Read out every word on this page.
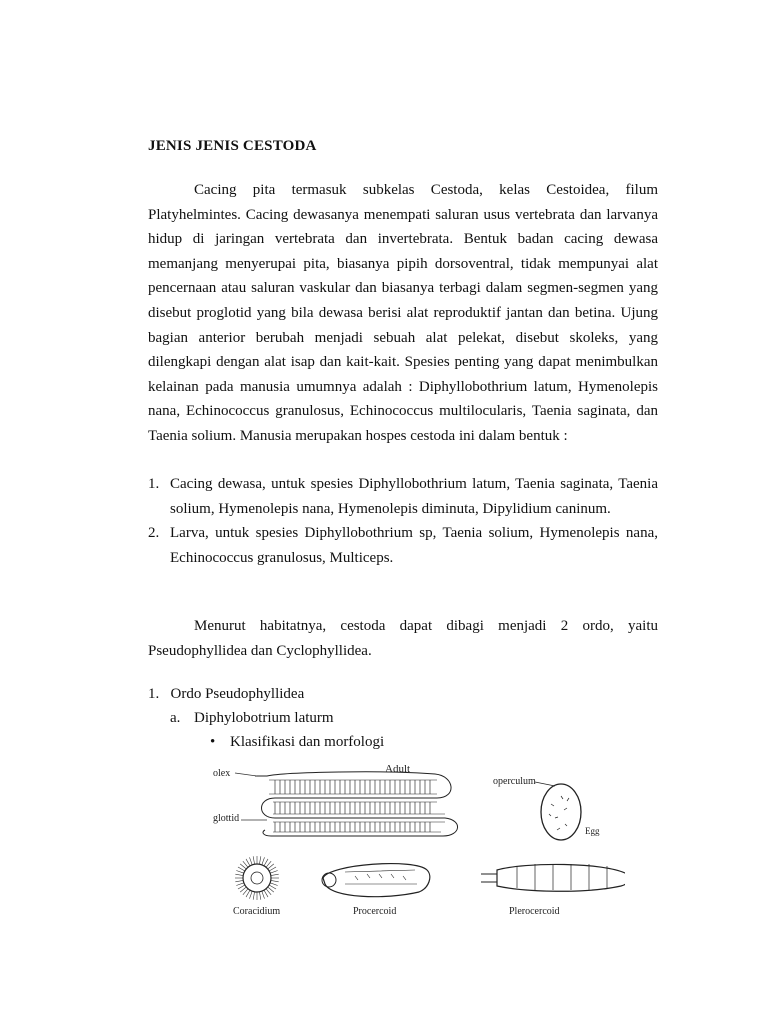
JENIS JENIS CESTODA
Cacing pita termasuk subkelas Cestoda, kelas Cestoidea, filum Platyhelmintes. Cacing dewasanya menempati saluran usus vertebrata dan larvanya hidup di jaringan vertebrata dan invertebrata. Bentuk badan cacing dewasa memanjang menyerupai pita, biasanya pipih dorsoventral, tidak mempunyai alat pencernaan atau saluran vaskular dan biasanya terbagi dalam segmen-segmen yang disebut proglotid yang bila dewasa berisi alat reproduktif jantan dan betina. Ujung bagian anterior berubah menjadi sebuah alat pelekat, disebut skoleks, yang dilengkapi dengan alat isap dan kait-kait. Spesies penting yang dapat menimbulkan kelainan pada manusia umumnya adalah : Diphyllobothrium latum, Hymenolepis nana, Echinococcus granulosus, Echinococcus multilocularis, Taenia saginata, dan Taenia solium. Manusia merupakan hospes cestoda ini dalam bentuk :
1. Cacing dewasa, untuk spesies Diphyllobothrium latum, Taenia saginata, Taenia solium, Hymenolepis nana, Hymenolepis diminuta, Dipylidium caninum.
2. Larva, untuk spesies Diphyllobothrium sp, Taenia solium, Hymenolepis nana, Echinococcus granulosus, Multiceps.
Menurut habitatnya, cestoda dapat dibagi menjadi 2 ordo, yaitu Pseudophyllidea dan Cyclophyllidea.
1. Ordo Pseudophyllidea
a. Diphylobotrium laturm
• Klasifikasi dan morfologi
Adult
olex
glottid
operculum
Egg
Coracidium	Procercoid	Plerocercoid
